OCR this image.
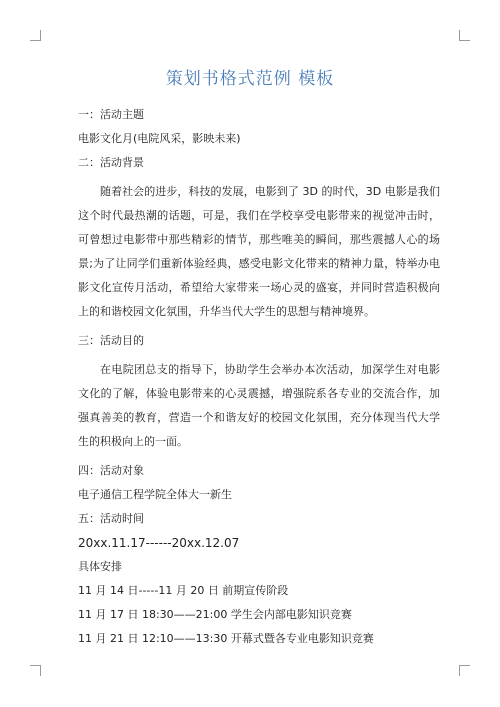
策划书格式范例 模板

一：活动主题

电影文化月(电院风采，影映未来)

二：活动背景

随着社会的进步，科技的发展，电影到了 3D 的时代，3D 电影是我们这个时代最热潮的话题，可是，我们在学校享受电影带来的视觉冲击时，可曾想过电影带中那些精彩的情节，那些唯美的瞬间，那些震撼人心的场景;为了让同学们重新体验经典，感受电影文化带来的精神力量，特举办电影文化宣传月活动，希望给大家带来一场心灵的盛宴，并同时营造积极向上的和谐校园文化氛围，升华当代大学生的思想与精神境界。

三：活动目的

在电院团总支的指导下，协助学生会举办本次活动，加深学生对电影文化的了解，体验电影带来的心灵震撼，增强院系各专业的交流合作，加强真善美的教育，营造一个和谐友好的校园文化氛围，充分体现当代大学生的积极向上的一面。

四：活动对象

电子通信工程学院全体大一新生

五：活动时间

20xx.11.17------20xx.12.07

具体安排

11 月 14 日-----11 月 20 日 前期宣传阶段

11 月 17 日 18:30——21:00 学生会内部电影知识竞赛

11 月 21 日 12:10——13:30 开幕式暨各专业电影知识竞赛
